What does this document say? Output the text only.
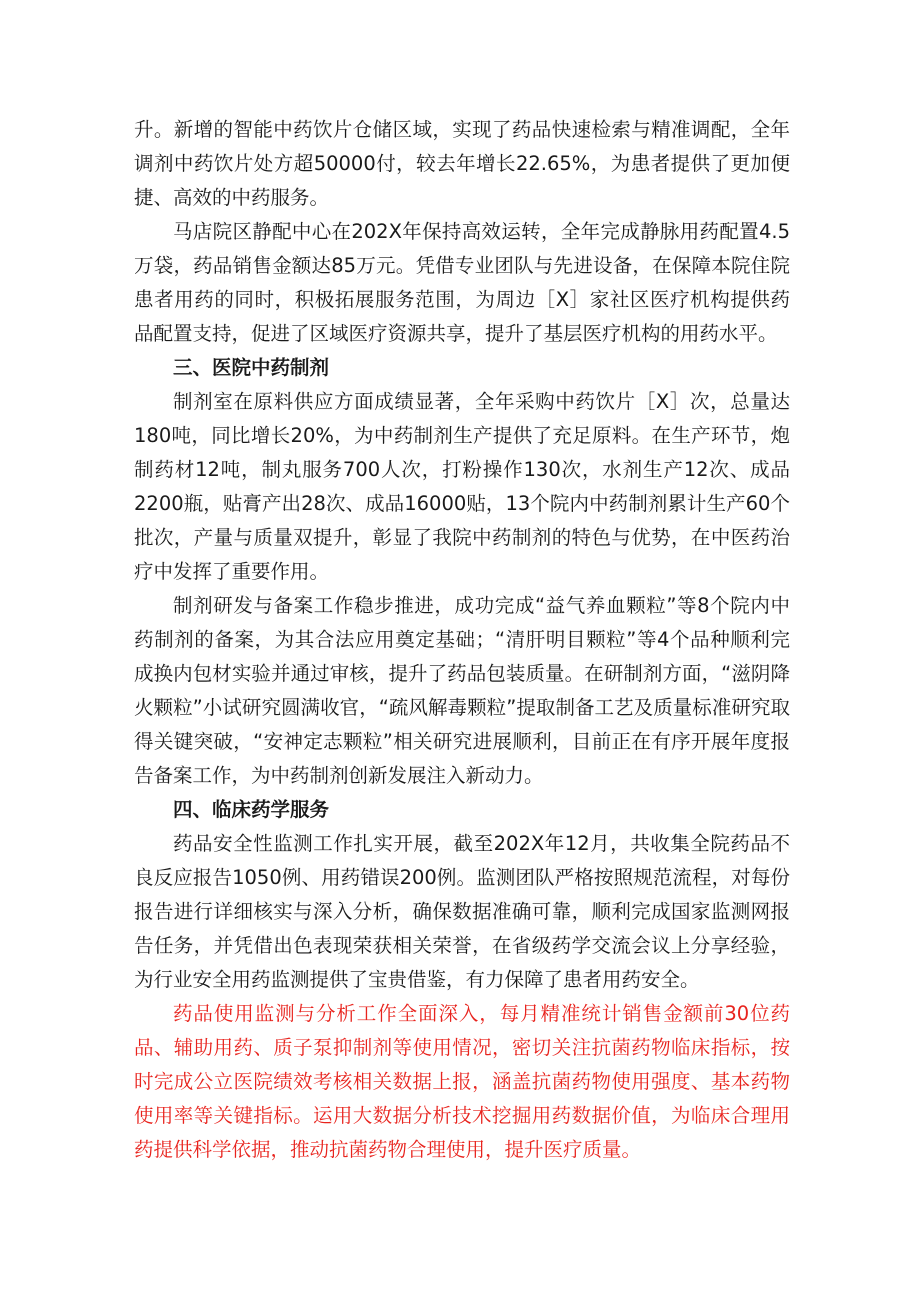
升。新增的智能中药饮片仓储区域，实现了药品快速检索与精准调配，全年调剂中药饮片处方超50000付，较去年增长22.65%，为患者提供了更加便捷、高效的中药服务。

马店院区静配中心在202X年保持高效运转，全年完成静脉用药配置4.5万袋，药品销售金额达85万元。凭借专业团队与先进设备，在保障本院住院患者用药的同时，积极拓展服务范围，为周边［X］家社区医疗机构提供药品配置支持，促进了区域医疗资源共享，提升了基层医疗机构的用药水平。

三、医院中药制剂

制剂室在原料供应方面成绩显著，全年采购中药饮片［X］次，总量达180吨，同比增长20%，为中药制剂生产提供了充足原料。在生产环节，炮制药材12吨，制丸服务700人次，打粉操作130次，水剂生产12次、成品2200瓶，贴膏产出28次、成品16000贴，13个院内中药制剂累计生产60个批次，产量与质量双提升，彰显了我院中药制剂的特色与优势，在中医药治疗中发挥了重要作用。

制剂研发与备案工作稳步推进，成功完成“益气养血颗粒”等8个院内中药制剂的备案，为其合法应用奠定基础；“清肝明目颗粒”等4个品种顺利完成换内包材实验并通过审核，提升了药品包装质量。在研制剂方面，“滋阴降火颗粒”小试研究圆满收官，“疏风解毒颗粒”提取制备工艺及质量标准研究取得关键突破，“安神定志颗粒”相关研究进展顺利，目前正在有序开展年度报告备案工作，为中药制剂创新发展注入新动力。

四、临床药学服务

药品安全性监测工作扎实开展，截至202X年12月，共收集全院药品不良反应报告1050例、用药错误200例。监测团队严格按照规范流程，对每份报告进行详细核实与深入分析，确保数据准确可靠，顺利完成国家监测网报告任务，并凭借出色表现荣获相关荣誉，在省级药学交流会议上分享经验，为行业安全用药监测提供了宝贵借鉴，有力保障了患者用药安全。

药品使用监测与分析工作全面深入，每月精准统计销售金额前30位药品、辅助用药、质子泵抑制剂等使用情况，密切关注抗菌药物临床指标，按时完成公立医院绩效考核相关数据上报，涵盖抗菌药物使用强度、基本药物使用率等关键指标。运用大数据分析技术挖掘用药数据价值，为临床合理用药提供科学依据，推动抗菌药物合理使用，提升医疗质量。
